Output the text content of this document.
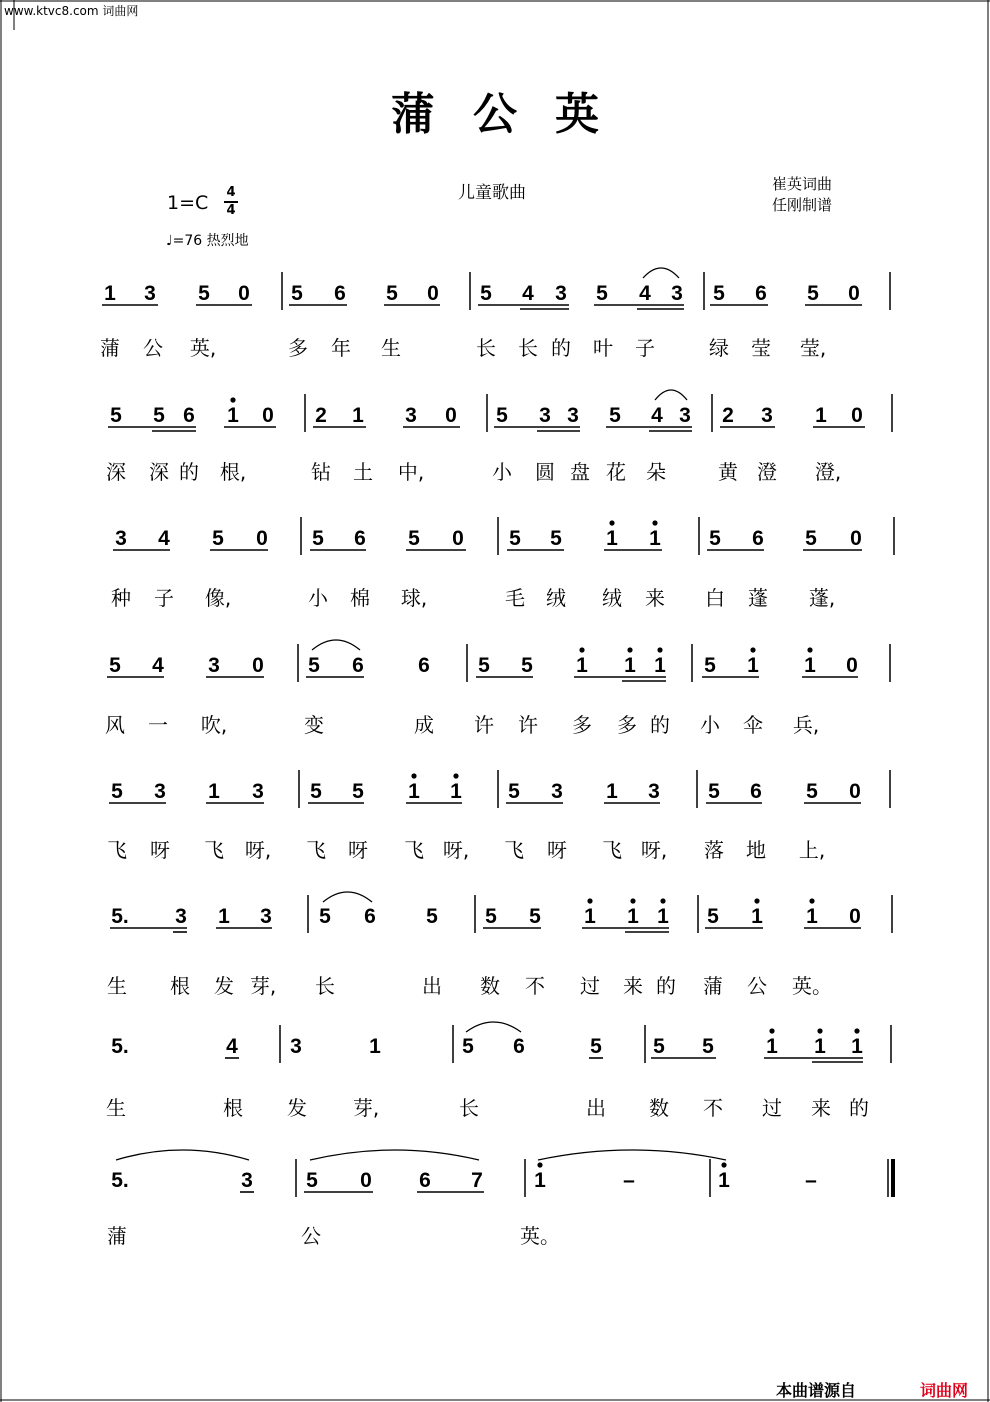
1 3 5 0 5 6 5 0 5 4 3 5 4 3 5 6 5 0
5 5 6 1 0 2 1 3 0 5 3 3 5 4 3 2 3 1 0
3 4 5 0 5 6 5 0 5 5 1 1 5 6 5 0
5 4 3 0 5 6	6 5 5 1 1 1 5 1 1 0
5 3 1 3 5 5 1 1 5 3 1 3 5 6 5 0
5. 3 1 3 5 6 5 5 5 1 1 1 5 1 1 0
5.	4 3	1	5 6	5 5 5 1 1 1
5.	3	5 0 6 7 1	–	1	–
www.ktvc8.com 词曲网
蒲公英
1=C 4
4
♩=76 热烈地
儿童歌曲	崔英词曲
任刚制谱
蒲 公 英,	多 年 生	长 长 的 叶 子	绿 莹 莹,
深 深 的 根,	钻 土 中,	小 圆 盘 花 朵	黄 澄 澄,
种 子 像,	小 棉 球,	毛 绒 绒 来 白 蓬 蓬,
风 一 吹,	变	成 许 许 多 多 的 小 伞 兵,
飞 呀 飞 呀, 飞 呀 飞 呀, 飞 呀 飞 呀, 落 地 上,
生 根 发 芽, 长	出 数 不 过 来 的 蒲 公 英。
生	根 发 芽,	长	出 数 不 过 来 的
蒲	公	英。
本曲谱源自	词曲网
